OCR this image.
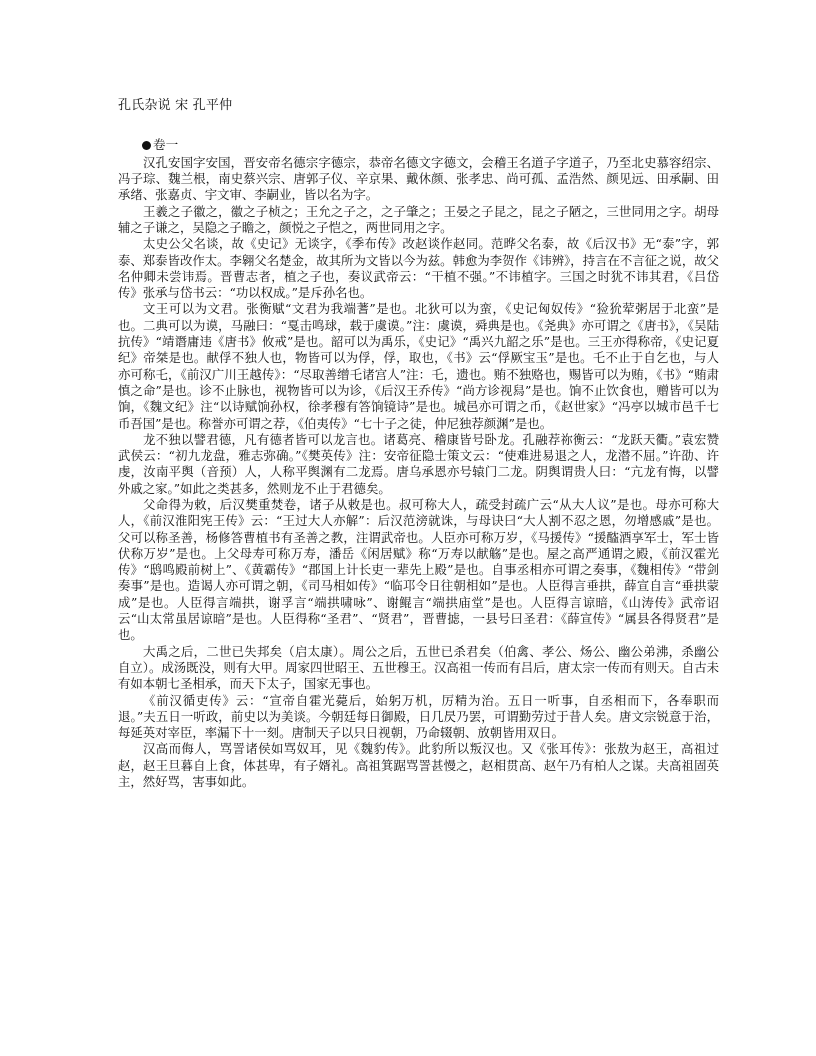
孔氏杂说 宋 孔平仲
卷一

汉孔安国字安国，晋安帝名德宗字德宗，恭帝名德文字德文，会稽王名道子字道子，乃至北史慕容绍宗、冯子琮、魏兰根，南史蔡兴宗、唐郭子仪、辛京果、戴休颜、张孝忠、尚可孤、孟浩然、颜见远、田承嗣、田承绪、张嘉贞、宇文审、李嗣业，皆以名为字。

王羲之子徽之，徽之子桢之；王允之子之，之子肇之；王晏之子昆之，昆之子陋之，三世同用之字。胡母辅之子谦之，吴隐之子瞻之，颜悦之子恺之，两世同用之字。

太史公父名谈，故《史记》无谈字，《季布传》改赵谈作赵同。范晔父名泰，故《后汉书》无“泰”字，郭泰、郑泰皆改作太。李翱父名楚金，故其所为文皆以今为兹。韩愈为李贺作《讳辨》，持言在不言征之说，故父名仲卿未尝讳焉。晋曹志者，植之子也，奏议武帝云：“干植不强。”不讳植字。三国之时犹不讳其君，《吕岱传》张承与岱书云：“功以权成。”是斥孙名也。

文王可以为文君。张衡赋“文君为我端蓍”是也。北狄可以为蛮，《史记匈奴传》“猃狁荤粥居于北蛮”是也。二典可以为谟，马融曰：“戛击鸣球，载于虞谟。”注：虞谟，舜典是也。《尧典》亦可谓之《唐书》，《吴陆抗传》“靖谮庸违《唐书》攸戒”是也。韶可以为禹乐，《史记》“禹兴九韶之乐”是也。三王亦得称帝，《史记夏纪》帝桀是也。献俘不独人也，物皆可以为俘，俘，取也，《书》云“俘厥宝玉”是也。乇不止于自乞也，与人亦可称乇，《前汉广川王越传》：“尽取善缯乇诸宫人”注：乇，遗也。贿不独赂也，赐皆可以为贿，《书》“贿肃慎之命”是也。诊不止脉也，视物皆可以为诊，《后汉王乔传》“尚方诊视舄”是也。饷不止饮食也，赠皆可以为饷，《魏文纪》注“以诗赋饷孙权，徐孝穆有答饷镜诗”是也。城邑亦可谓之币，《赵世家》“冯亭以城市邑千七币吾国”是也。称誉亦可谓之荐，《伯夷传》“七十子之徒，仲尼独荐颜渊”是也。

龙不独以譬君德，凡有德者皆可以龙言也。诸葛亮、稽康皆号卧龙。孔融荐祢衡云：“龙跃天衢。”袁宏赞武侯云：“初九龙盘，雅志弥确。”《樊英传》注：安帝征隐士策文云：“使难进易退之人，龙潜不屈。”许劭、许虔，汝南平舆（音预）人，人称平舆渊有二龙焉。唐乌承恩亦号辕门二龙。阴舆谓贵人曰：“亢龙有悔，以譬外戚之家。”如此之类甚多，然则龙不止于君德矣。

父命得为敕，后汉樊重焚卷，诸子从敕是也。叔可称大人，疏受封疏广云“从大人议”是也。母亦可称大人，《前汉淮阳宪王传》云：“王过大人亦解”：后汉范滂就诛，与母诀曰“大人割不忍之恩，勿增感戚”是也。父可以称圣善，杨修答曹植书有圣善之教，注谓武帝也。人臣亦可称万岁，《马援传》“援醓酒享军士，军士皆伏称万岁”是也。上父母寿可称万寿，潘岳《闲居赋》称“万寿以献觞”是也。屋之高严通谓之殿，《前汉霍光传》“鸱鸣殿前树上”、《黄霸传》“郡国上计长吏一辈先上殿”是也。自事丞相亦可谓之奏事，《魏相传》“带剑奏事”是也。造谒人亦可谓之朝，《司马相如传》“临邛令日往朝相如”是也。人臣得言垂拱，薛宣自言“垂拱蒙成”是也。人臣得言端拱，谢孚言“端拱啸咏”、谢鲲言“端拱庙堂”是也。人臣得言谅暗，《山涛传》武帝诏云“山太常虽居谅暗”是也。人臣得称“圣君”、“贤君”，晋曹摅，一县号曰圣君：《薛宣传》“属县各得贤君”是也。

大禹之后，二世已失邦矣（启太康）。周公之后，五世已杀君矣（伯禽、孝公、炀公、幽公弟沸，杀幽公自立）。成汤既没，则有大甲。周家四世昭王、五世穆王。汉高祖一传而有吕后，唐太宗一传而有则天。自古未有如本朝七圣相承，而天下太子，国家无事也。

《前汉循吏传》云：“宣帝自霍光薨后，始躬万机，厉精为治。五日一听事，自丞相而下，各奉职而退。”夫五日一听政，前史以为美谈。今朝廷每日御殿，日几昃乃罢，可谓勤劳过于昔人矣。唐文宗锐意于治，每延英对宰臣，率漏下十一刻。唐制天子以只日视朝，乃命辍朝、放朝皆用双日。

汉高而侮人，骂詈诸侯如骂奴耳，见《魏豹传》。此豹所以叛汉也。又《张耳传》：张敖为赵王，高祖过赵，赵王旦暮自上食，体甚卑，有子婿礼。高祖箕踞骂詈甚慢之，赵相贯高、赵午乃有柏人之谋。夫高祖固英主，然好骂，害事如此。
